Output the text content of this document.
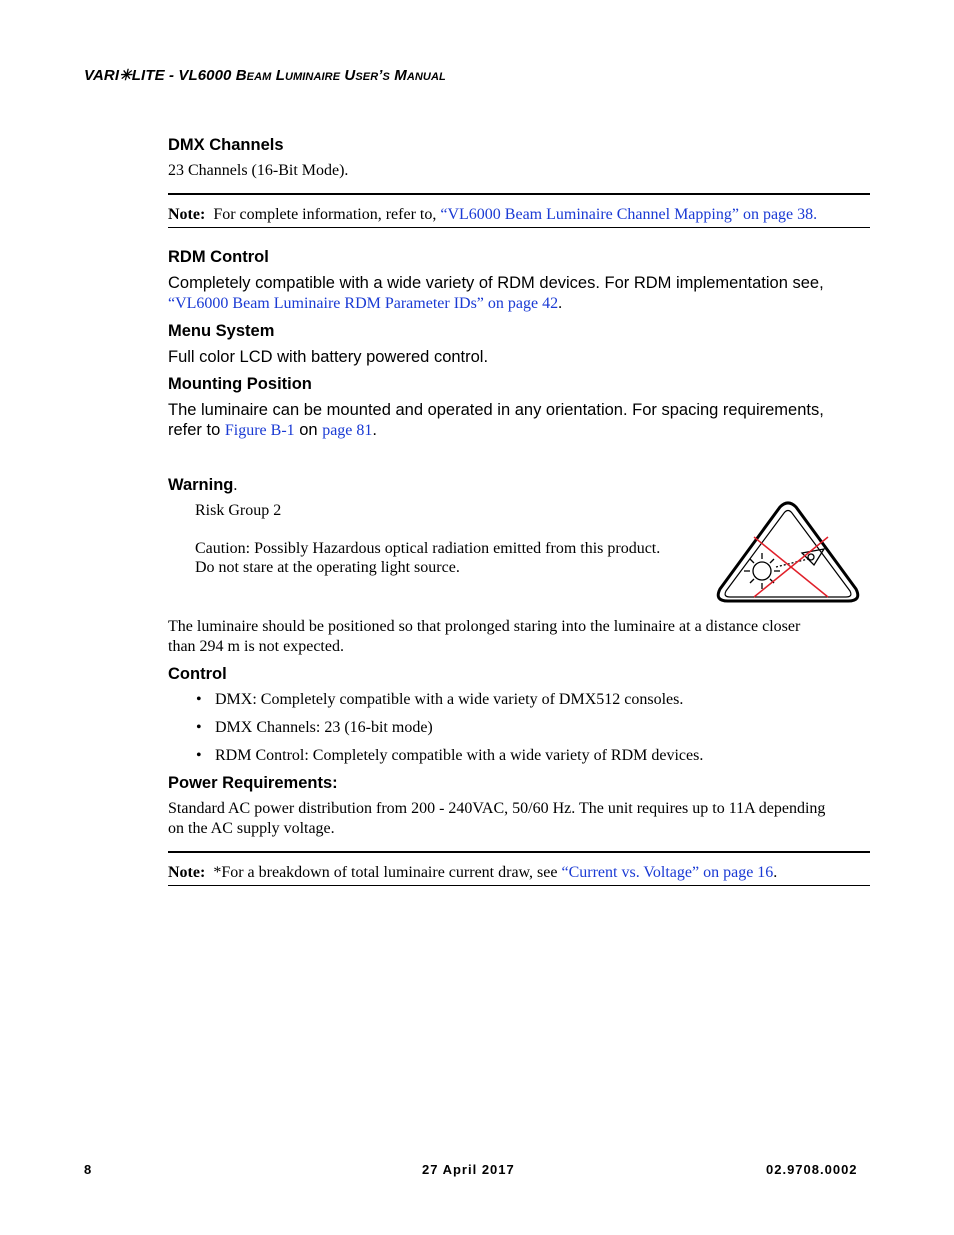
VARI✳LITE - VL6000 Beam Luminaire User’s Manual
DMX Channels
23 Channels (16-Bit Mode).
Note: For complete information, refer to, “VL6000 Beam Luminaire Channel Mapping” on page 38.
RDM Control
Completely compatible with a wide variety of RDM devices. For RDM implementation see,
“VL6000 Beam Luminaire RDM Parameter IDs” on page 42.
Menu System
Full color LCD with battery powered control.
Mounting Position
The luminaire can be mounted and operated in any orientation. For spacing requirements,
refer to Figure B-1 on page 81.
Warning.
Risk Group 2
Caution: Possibly Hazardous optical radiation emitted from this product.
Do not stare at the operating light source.
The luminaire should be positioned so that prolonged staring into the luminaire at a distance closer
than 294 m is not expected.
Control
• DMX: Completely compatible with a wide variety of DMX512 consoles.
• DMX Channels: 23 (16-bit mode)
• RDM Control: Completely compatible with a wide variety of RDM devices.
Power Requirements:
Standard AC power distribution from 200 - 240VAC, 50/60 Hz. The unit requires up to 11A depending
on the AC supply voltage.
Note: *For a breakdown of total luminaire current draw, see “Current vs. Voltage” on page 16.
8	27 April 2017	02.9708.0002
